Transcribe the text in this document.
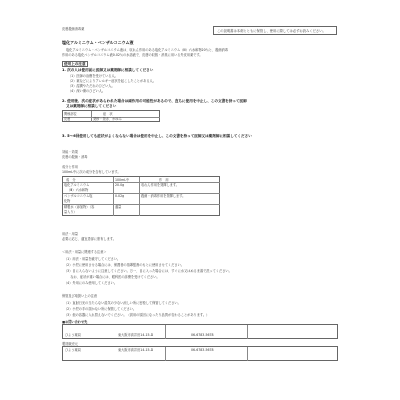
皮膚殺菌消毒薬	この説明書は本剤とともに保管し、使用に際しては必ずお読みください。
塩化アルミニウム・ベンザルコニウム液
塩化アルミニウム・ベンザルコニウム液は、収れん作用のある塩化アルミニウム（Ⅲ）六水和物20％と、殺菌消毒
作用のある塩化ベンザルコニウム液0.02％の水溶液で、皮膚の収斂・消臭に用いる外皮用薬です。
使用上の注意
1. 次の人は使用前に医師又は薬剤師に相談してください
（1）医師の治療を受けている人。
（2）薬などによりアレルギー症状を起こしたことがある人。
（3）湿潤やただれのひどい人。
（4）深い傷のひどい人。
2. 使用後、次の症状があらわれた場合は副作用の可能性があるので、直ちに使用を中止し、この文書を持って医師
又は薬剤師に相談してください
関係部位	症　状
皮膚	発疹・発赤、かゆみ
3. 5〜6回使用しても症状がよくならない場合は使用を中止し、この文書を持って医師又は薬剤師に相談してください
効能・効果
皮膚の殺菌・消毒
成分と作用
100mL中に次の成分を含有しています。
成　分	100mL中	作　用
塩化アルミニウム	20.0g	収れん作用を発揮します。
（Ⅲ）六水和物
ベンザルコニウム塩	0.02g	殺菌・消毒作用を発揮します。
化物
精製水（添加物）（容	適量
量入り）
用法・用量
必要に応じ、適宜患部に塗布します。
＜用法・用量に関連する注意＞
（1）用法・用量を厳守してください。
（2）小児に使用させる場合には、保護者の指導監督のもとに使用させてください。
（3）目に入らないように注意してください。万一、目に入った場合には、すぐに水又はぬるま湯で洗ってください。
　　なお、症状が重い場合には、眼科医の診療を受けてください。
（4）外用にのみ使用してください。
保管及び取扱い上の注意
（1）直射日光の当たらない湿気の少ない涼しい所に密栓して保管してください。
（2）小児の手の届かない所に保管してください。
（3）他の容器に入れ替えないでください。（誤用の原因になったり品質が変わることがあります。）
■お問い合わせ先
ひよう薬局	東大阪市高井田14-15-D	06-6783-5678
製造販売元
ひよう薬局	東大阪市高井田14-15-D	06-6783-5678
